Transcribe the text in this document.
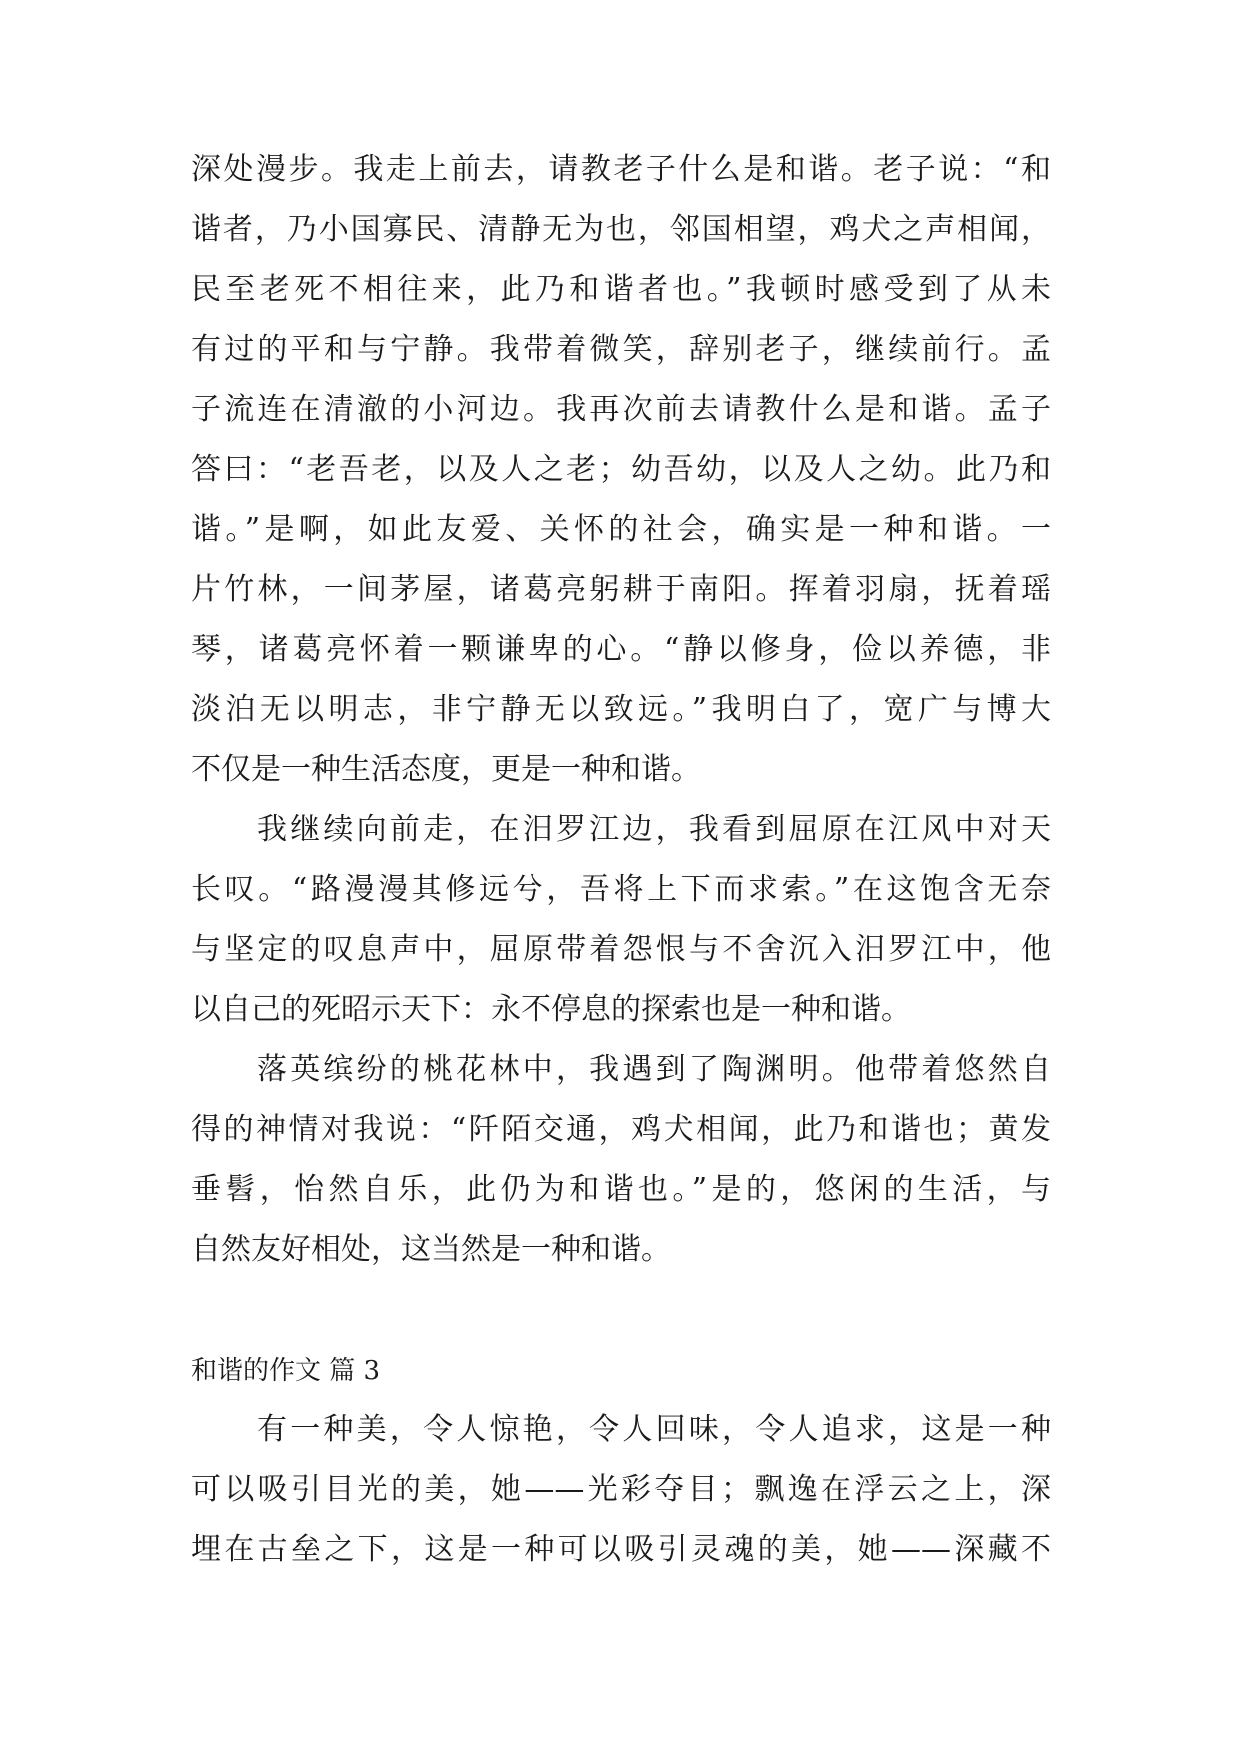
深处漫步。我走上前去，请教老子什么是和谐。老子说：“和
谐者，乃小国寡民、清静无为也，邻国相望，鸡犬之声相闻，
民至老死不相往来，此乃和谐者也。”我顿时感受到了从未
有过的平和与宁静。我带着微笑，辞别老子，继续前行。孟
子流连在清澈的小河边。我再次前去请教什么是和谐。孟子
答曰：“老吾老，以及人之老；幼吾幼，以及人之幼。此乃和
谐。”是啊，如此友爱、关怀的社会，确实是一种和谐。一
片竹林，一间茅屋，诸葛亮躬耕于南阳。挥着羽扇，抚着瑶
琴，诸葛亮怀着一颗谦卑的心。“静以修身，俭以养德，非
淡泊无以明志，非宁静无以致远。”我明白了，宽广与博大
不仅是一种生活态度，更是一种和谐。
我继续向前走，在汨罗江边，我看到屈原在江风中对天
长叹。“路漫漫其修远兮，吾将上下而求索。”在这饱含无奈
与坚定的叹息声中，屈原带着怨恨与不舍沉入汨罗江中，他
以自己的死昭示天下：永不停息的探索也是一种和谐。
落英缤纷的桃花林中，我遇到了陶渊明。他带着悠然自
得的神情对我说：“阡陌交通，鸡犬相闻，此乃和谐也；黄发
垂髫，怡然自乐，此仍为和谐也。”是的，悠闲的生活，与
自然友好相处，这当然是一种和谐。
和谐的作文 篇 3
有一种美，令人惊艳，令人回味，令人追求，这是一种
可以吸引目光的美，她——光彩夺目；飘逸在浮云之上，深
埋在古垒之下，这是一种可以吸引灵魂的美，她——深藏不
